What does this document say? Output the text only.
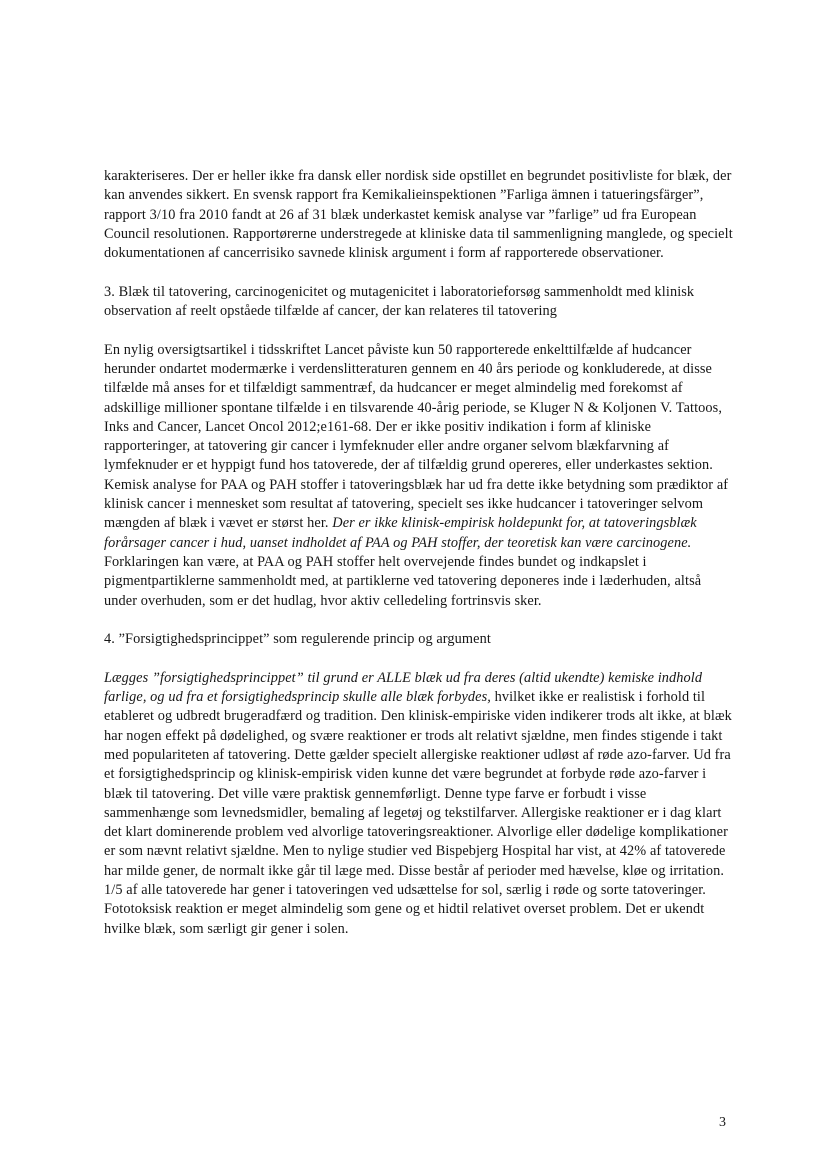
karakteriseres. Der er heller ikke fra dansk eller nordisk side opstillet en begrundet positivliste for blæk, der kan anvendes sikkert. En svensk rapport fra Kemikalieinspektionen ”Farliga ämnen i tatueringsfärger”, rapport 3/10 fra 2010 fandt at 26 af 31 blæk underkastet kemisk analyse var ”farlige” ud fra European Council resolutionen. Rapportørerne understregede at kliniske data til sammenligning manglede, og specielt dokumentationen af cancerrisiko savnede klinisk argument i form af rapporterede observationer.

3. Blæk til tatovering, carcinogenicitet og mutagenicitet i laboratorieforsøg sammenholdt med klinisk observation af reelt opståede tilfælde af cancer, der kan relateres til tatovering

En nylig oversigtsartikel i tidsskriftet Lancet påviste kun 50 rapporterede enkelttilfælde af hudcancer herunder ondartet modermærke i verdenslitteraturen gennem en 40 års periode og konkluderede, at disse tilfælde må anses for et tilfældigt sammentræf, da hudcancer er meget almindelig med forekomst af adskillige millioner spontane tilfælde i en tilsvarende 40-årig periode, se Kluger N & Koljonen V. Tattoos, Inks and Cancer, Lancet Oncol 2012;e161-68. Der er ikke positiv indikation i form af kliniske rapporteringer, at tatovering gir cancer i lymfeknuder eller andre organer selvom blækfarvning af lymfeknuder er et hyppigt fund hos tatoverede, der af tilfældig grund opereres, eller underkastes sektion. Kemisk analyse for PAA og PAH stoffer i tatoveringsblæk har ud fra dette ikke betydning som prædiktor af klinisk cancer i mennesket som resultat af tatovering, specielt ses ikke hudcancer i tatoveringer selvom mængden af blæk i vævet er størst her. Der er ikke klinisk-empirisk holdepunkt for, at tatoveringsblæk forårsager cancer i hud, uanset indholdet af PAA og PAH stoffer, der teoretisk kan være carcinogene. Forklaringen kan være, at PAA og PAH stoffer helt overvejende findes bundet og indkapslet i pigmentpartiklerne sammenholdt med, at partiklerne ved tatovering deponeres inde i læderhuden, altså under overhuden, som er det hudlag, hvor aktiv celledeling fortrinsvis sker.

4. ”Forsigtighedsprincippet” som regulerende princip og argument

Lægges ”forsigtighedsprincippet” til grund er ALLE blæk ud fra deres (altid ukendte) kemiske indhold farlige, og ud fra et forsigtighedsprincip skulle alle blæk forbydes, hvilket ikke er realistisk i forhold til etableret og udbredt brugeradfærd og tradition. Den klinisk-empiriske viden indikerer trods alt ikke, at blæk har nogen effekt på dødelighed, og svære reaktioner er trods alt relativt sjældne, men findes stigende i takt med populariteten af tatovering. Dette gælder specielt allergiske reaktioner udløst af røde azo-farver. Ud fra et forsigtighedsprincip og klinisk-empirisk viden kunne det være begrundet at forbyde røde azo-farver i blæk til tatovering. Det ville være praktisk gennemførligt. Denne type farve er forbudt i visse sammenhænge som levnedsmidler, bemaling af legetøj og tekstilfarver. Allergiske reaktioner er i dag klart det klart dominerende problem ved alvorlige tatoveringsreaktioner. Alvorlige eller dødelige komplikationer er som nævnt relativt sjældne. Men to nylige studier ved Bispebjerg Hospital har vist, at 42% af tatoverede har milde gener, de normalt ikke går til læge med. Disse består af perioder med hævelse, kløe og irritation. 1/5 af alle tatoverede har gener i tatoveringen ved udsættelse for sol, særlig i røde og sorte tatoveringer. Fototoksisk reaktion er meget almindelig som gene og et hidtil relativet overset problem. Det er ukendt hvilke blæk, som særligt gir gener i solen.

3
